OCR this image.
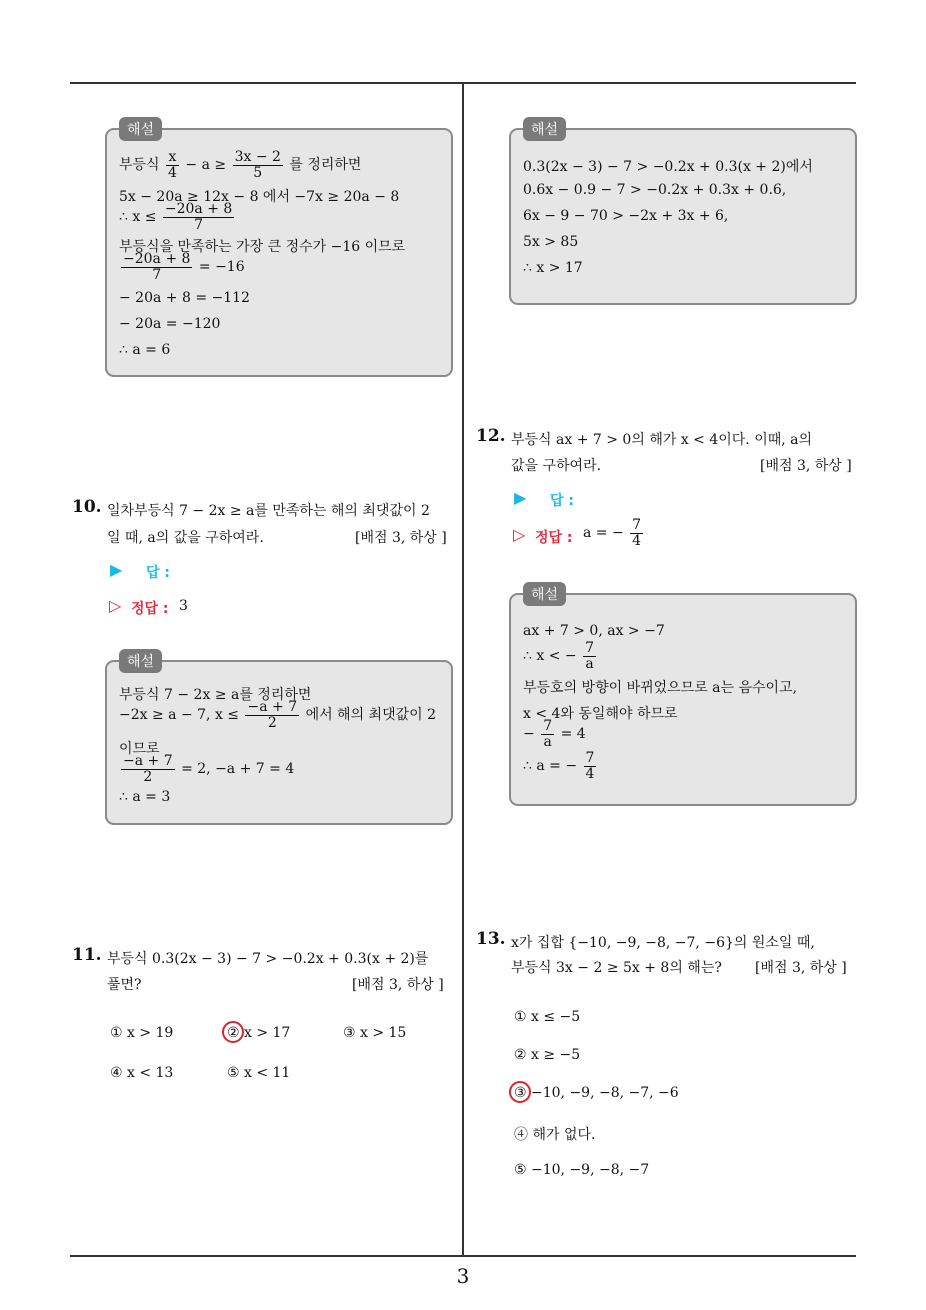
해설
부등식 $\frac{x}{4} - a \ge \frac{3x - 2}{5}$ 를 정리하면
5x − 20a ≥ 12x − 8 에서 −7x ≥ 20a − 8
∴ $x \le \frac{-20a + 8}{7}$
부등식을 만족하는 가장 큰 정수가 −16 이므로
$\frac{-20a + 8}{7} = -16$
− 20a + 8 = −112
− 20a = −120
∴ a = 6
해설
0.3(2x − 3) − 7 > −0.2x + 0.3(x + 2)에서
0.6x − 0.9 − 7 > −0.2x + 0.3x + 0.6,
6x − 9 − 70 > −2x + 3x + 6,
5x > 85
∴ x > 17
10. 일차부등식 7 − 2x ≥ a를 만족하는 해의 최댓값이 2
일 때, a의 값을 구하여라.	[배점 3, 하상 ]
▶ 답 :
▷ 정답 : 3
해설
부등식 7 − 2x ≥ a를 정리하면
−2x ≥ a − 7, $x \le \frac{-a + 7}{2}$ 에서 해의 최댓값이 2
이므로
$\frac{-a + 7}{2} = 2$, −a + 7 = 4
∴ a = 3
11. 부등식 0.3(2x − 3) − 7 > −0.2x + 0.3(x + 2)를
풀면?	[배점 3, 하상 ]
① x > 19	② x > 17	③ x > 15
④ x < 13	⑤ x < 11
12. 부등식 ax + 7 > 0의 해가 x < 4이다. 이때, a의
값을 구하여라.	[배점 3, 하상 ]
▶ 답 :
▷ 정답 : a = − $\frac{7}{4}$
해설
ax + 7 > 0, ax > −7
∴ x < − $\frac{7}{a}$
부등호의 방향이 바뀌었으므로 a는 음수이고,
x < 4와 동일해야 하므로
− $\frac{7}{a} = 4$
∴ a = − $\frac{7}{4}$
13. x가 집합 {−10, −9, −8, −7, −6}의 원소일 때,
부등식 3x − 2 ≥ 5x + 8의 해는? [배점 3, 하상 ]
① x ≤ −5
② x ≥ −5
③ −10, −9, −8, −7, −6
④ 해가 없다.
⑤ −10, −9, −8, −7
3
